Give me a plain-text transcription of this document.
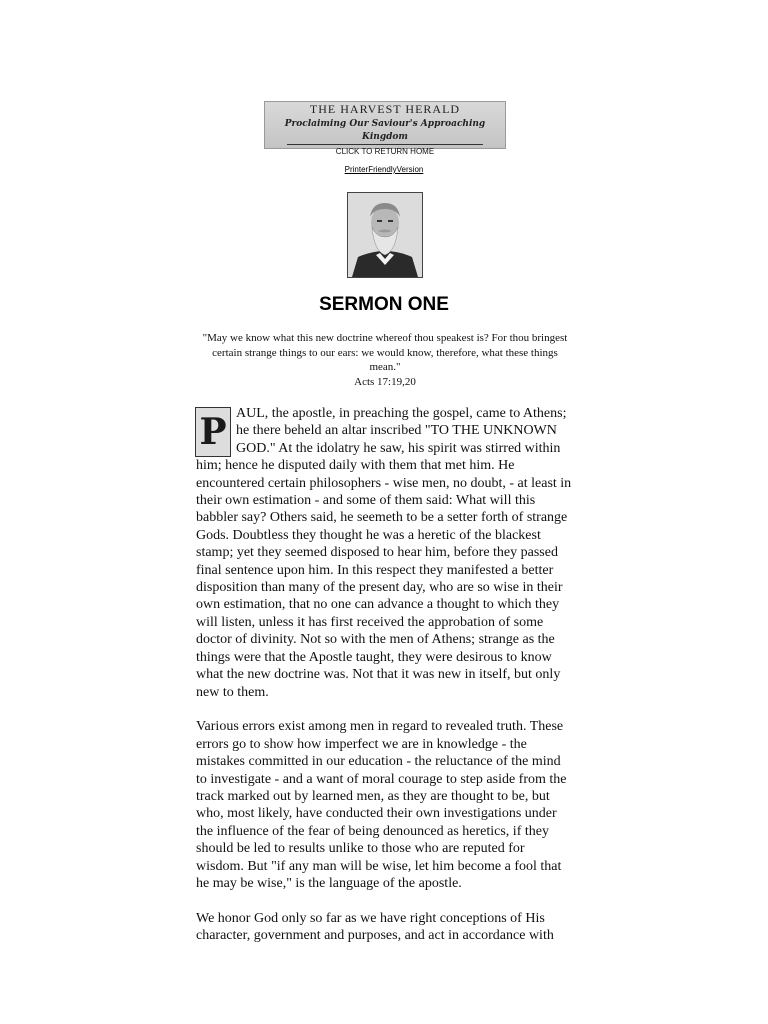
THE HARVEST HERALD
Proclaiming Our Saviour's Approaching Kingdom
CLICK TO RETURN HOME
PrinterFriendlyVersion
SERMON ONE
"May we know what this new doctrine whereof thou speakest is? For thou bringest certain strange things to our ears: we would know, therefore, what these things mean."
Acts 17:19,20

P AUL, the apostle, in preaching the gospel, came to Athens; he there beheld an altar inscribed "TO THE UNKNOWN GOD." At the idolatry he saw, his spirit was stirred within him; hence he disputed daily with them that met him. He encountered certain philosophers - wise men, no doubt, - at least in their own estimation - and some of them said: What will this babbler say? Others said, he seemeth to be a setter forth of strange Gods. Doubtless they thought he was a heretic of the blackest stamp; yet they seemed disposed to hear him, before they passed final sentence upon him. In this respect they manifested a better disposition than many of the present day, who are so wise in their own estimation, that no one can advance a thought to which they will listen, unless it has first received the approbation of some doctor of divinity. Not so with the men of Athens; strange as the things were that the Apostle taught, they were desirous to know what the new doctrine was. Not that it was new in itself, but only new to them.

Various errors exist among men in regard to revealed truth. These errors go to show how imperfect we are in knowledge - the mistakes committed in our education - the reluctance of the mind to investigate - and a want of moral courage to step aside from the track marked out by learned men, as they are thought to be, but who, most likely, have conducted their own investigations under the influence of the fear of being denounced as heretics, if they should be led to results unlike to those who are reputed for wisdom. But "if any man will be wise, let him become a fool that he may be wise," is the language of the apostle.

We honor God only so far as we have right conceptions of His character, government and purposes, and act in accordance with
